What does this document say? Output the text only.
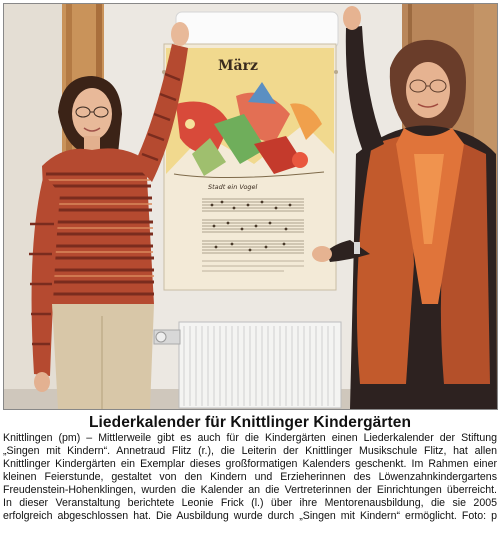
März
Stadt ein Vogel
Liederkalender für Knittlinger Kindergärten
Knittlingen (pm) – Mittlerweile gibt es auch für die Kindergärten einen Liederkalender der Stiftung
„Singen mit Kindern“. Annetraud Flitz (r.), die Leiterin der Knittlinger Musikschule Flitz, hat allen
Knittlinger Kindergärten ein Exemplar dieses großformatigen Kalenders geschenkt. Im Rahmen einer
kleinen Feierstunde, gestaltet von den Kindern und Erzieherinnen des Löwenzahnkindergartens
Freudenstein-Hohenklingen, wurden die Kalender an die Vertreterinnen der Einrichtungen überreicht.
In dieser Veranstaltung berichtete Leonie Frick (l.) über ihre Mentorenausbildung, die sie 2005
erfolgreich abgeschlossen hat. Die Ausbildung wurde durch „Singen mit Kindern“ ermöglicht. Foto: p
